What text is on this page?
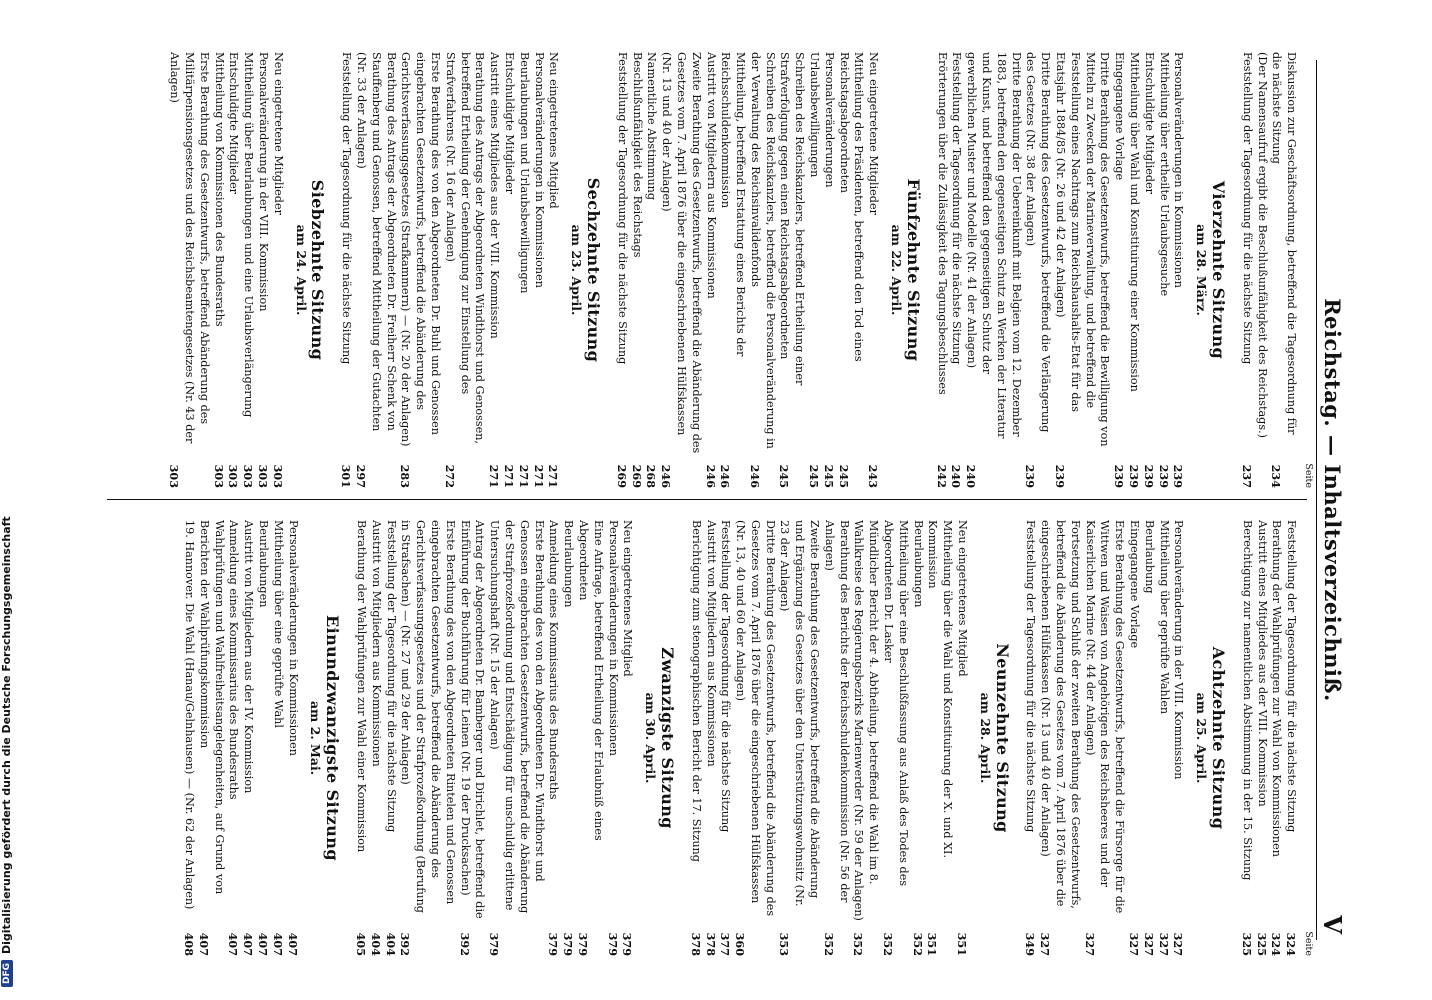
Reichstag. — Inhaltsverzeichniß.
V
Seite
Diskussion zur Geschäftsordnung, betreffend die Tagesordnung für die nächste Sitzung
234
(Der Namensaufruf ergibt die Beschlußunfähigkeit des Reichstags.)
Feststellung der Tagesordnung für die nächste Sitzung
237
Vierzehnte Sitzung
am 28. März.
Personalveränderungen in Kommissionen
239
Mittheilung über ertheilte Urlaubsgesuche
239
Entschuldigte Mitglieder
239
Mittheilung über Wahl und Konstituirung einer Kommission
239
Eingegangene Vorlage
239
Dritte Berathung des Gesetzentwurfs, betreffend die Bewilligung von Mitteln zu Zwecken der Marineverwaltung, und betreffend die Feststellung eines Nachtrags zum Reichshaushalts-Etat für das Etatsjahr 1884/85 (Nr. 26 und 42 der Anlagen)
239
Dritte Berathung des Gesetzentwurfs, betreffend die Verlängerung des Gesetzes (Nr. 38 der Anlagen)
239
Dritte Berathung der Uebereinkunft mit Belgien vom 12. Dezember 1883, betreffend den gegenseitigen Schutz an Werken der Literatur und Kunst, und betreffend den gegenseitigen Schutz der gewerblichen Muster und Modelle (Nr. 41 der Anlagen)
240
Feststellung der Tagesordnung für die nächste Sitzung
240
Erörterungen über die Zulässigkeit des Tagungsbeschlusses
242
Fünfzehnte Sitzung
am 22. April.
Neu eingetretene Mitglieder
243
Mittheilung des Präsidenten, betreffend den Tod eines Reichstagsabgeordneten
245
Personalveränderungen
245
Urlaubsbewilligungen
245
Schreiben des Reichskanzlers, betreffend Ertheilung einer Strafverfolgung gegen einen Reichstagsabgeordneten
245
Schreiben des Reichskanzlers, betreffend die Personalveränderung in der Verwaltung des Reichsinvalidenfonds
246
Mittheilung, betreffend Erstattung eines Berichts der Reichsschuldenkommission
246
Austritt von Mitgliedern aus Kommissionen
246
Zweite Berathung des Gesetzentwurfs, betreffend die Abänderung des Gesetzes vom 7. April 1876 über die eingeschriebenen Hülfskassen (Nr. 13 und 40 der Anlagen)
246
Namentliche Abstimmung
268
Beschlußunfähigkeit des Reichstags
269
Feststellung der Tagesordnung für die nächste Sitzung
269
Sechzehnte Sitzung
am 23. April.
Neu eingetretenes Mitglied
271
Personalveränderungen in Kommissionen
271
Beurlaubungen und Urlaubsbewilligungen
271
Entschuldigte Mitglieder
271
Austritt eines Mitgliedes aus der VIII. Kommission
271
Berathung des Antrags der Abgeordneten Windthorst und Genossen, betreffend Ertheilung der Genehmigung zur Einstellung des Strafverfahrens (Nr. 16 der Anlagen)
272
Erste Berathung des von den Abgeordneten Dr. Buhl und Genossen eingebrachten Gesetzentwurfs, betreffend die Abänderung des Gerichtsverfassungsgesetzes (Strafkammern) — (Nr. 20 der Anlagen)
283
Berathung des Antrags der Abgeordneten Dr. Freiherr Schenk von Stauffenberg und Genossen, betreffend Mittheilung der Gutachten (Nr. 33 der Anlagen)
297
Feststellung der Tagesordnung für die nächste Sitzung
301
Siebzehnte Sitzung
am 24. April.
Neu eingetretene Mitglieder
303
Personalveränderung in der VIII. Kommission
303
Mittheilung über Beurlaubungen und eine Urlaubsverlängerung
303
Entschuldigte Mitglieder
303
Mittheilung von Kommissionen des Bundesraths
303
Erste Berathung des Gesetzentwurfs, betreffend Abänderung des Militärpensionsgesetzes und des Reichsbeamtengesetzes (Nr. 43 der Anlagen)
303
Seite
Feststellung der Tagesordnung für die nächste Sitzung
324
Berathung der Wahlprüfungen zur Wahl von Kommissionen
324
Austritt eines Mitgliedes aus der VIII. Kommission
325
Berechtigung zur namentlichen Abstimmung in der 15. Sitzung
325
Achtzehnte Sitzung
am 25. April.
Personalveränderung in der VIII. Kommission
327
Mittheilung über geprüfte Wahlen
327
Beurlaubung
327
Eingegangene Vorlage
327
Erste Berathung des Gesetzentwurfs, betreffend die Fürsorge für die Wittwen und Waisen von Angehörigen des Reichsheeres und der Kaiserlichen Marine (Nr. 44 der Anlagen)
327
Fortsetzung und Schluß der zweiten Berathung des Gesetzentwurfs, betreffend die Abänderung des Gesetzes vom 7. April 1876 über die eingeschriebenen Hülfskassen (Nr. 13 und 40 der Anlagen)
327
Feststellung der Tagesordnung für die nächste Sitzung
349
Neunzehnte Sitzung
am 28. April.
Neu eingetretenes Mitglied
351
Mittheilung über die Wahl und Konstituirung der X. und XI. Kommission
351
Beurlaubungen
352
Mittheilung über eine Beschlußfassung aus Anlaß des Todes des Abgeordneten Dr. Lasker
352
Mündlicher Bericht der 4. Abtheilung, betreffend die Wahl im 8. Wahlkreise des Regierungsbezirks Marienwerder (Nr. 59 der Anlagen)
352
Berathung des Berichts der Reichsschuldenkommission (Nr. 56 der Anlagen)
352
Zweite Berathung des Gesetzentwurfs, betreffend die Abänderung und Ergänzung des Gesetzes über den Unterstützungswohnsitz (Nr. 23 der Anlagen)
353
Dritte Berathung des Gesetzentwurfs, betreffend die Abänderung des Gesetzes vom 7. April 1876 über die eingeschriebenen Hülfskassen (Nr. 13, 40 und 60 der Anlagen)
360
Feststellung der Tagesordnung für die nächste Sitzung
377
Austritt von Mitgliedern aus Kommissionen
378
Berichtigung zum stenographischen Bericht der 17. Sitzung
378
Zwanzigste Sitzung
am 30. April.
Neu eingetretenes Mitglied
379
Personalveränderungen in Kommissionen
379
Eine Anfrage, betreffend Ertheilung der Erlaubniß eines Abgeordneten
379
Beurlaubungen
379
Anmeldung eines Kommissarius des Bundesraths
379
Erste Berathung des von den Abgeordneten Dr. Windthorst und Genossen eingebrachten Gesetzentwurfs, betreffend die Abänderung der Strafprozeßordnung und Entschädigung für unschuldig erlittene Untersuchungshaft (Nr. 15 der Anlagen)
379
Antrag der Abgeordneten Dr. Bamberger und Dirichlet, betreffend die Einführung der Buchführung für Leinen (Nr. 19 der Drucksachen)
392
Erste Berathung des von den Abgeordneten Rintelen und Genossen eingebrachten Gesetzentwurfs, betreffend die Abänderung des Gerichtsverfassungsgesetzes und der Strafprozeßordnung (Berufung in Strafsachen) — (Nr. 27 und 29 der Anlagen)
392
Feststellung der Tagesordnung für die nächste Sitzung
404
Austritt von Mitgliedern aus Kommissionen
404
Berathung der Wahlprüfungen zur Wahl einer Kommission
405
Einundzwanzigste Sitzung
am 2. Mai.
Personalveränderungen in Kommissionen
407
Mittheilung über eine geprüfte Wahl
407
Beurlaubungen
407
Austritt von Mitgliedern aus der IV. Kommission
407
Anmeldung eines Kommissarius des Bundesraths
407
Wahlprüfungen und Wahlfreiheitsangelegenheiten, auf Grund von Berichten der Wahlprüfungskommission
407
19. Hannover. Die Wahl (Hanau/Gelnhausen) — (Nr. 62 der Anlagen)
408
DFG
Digitalisierung gefördert durch die Deutsche Forschungsgemeinschaft
